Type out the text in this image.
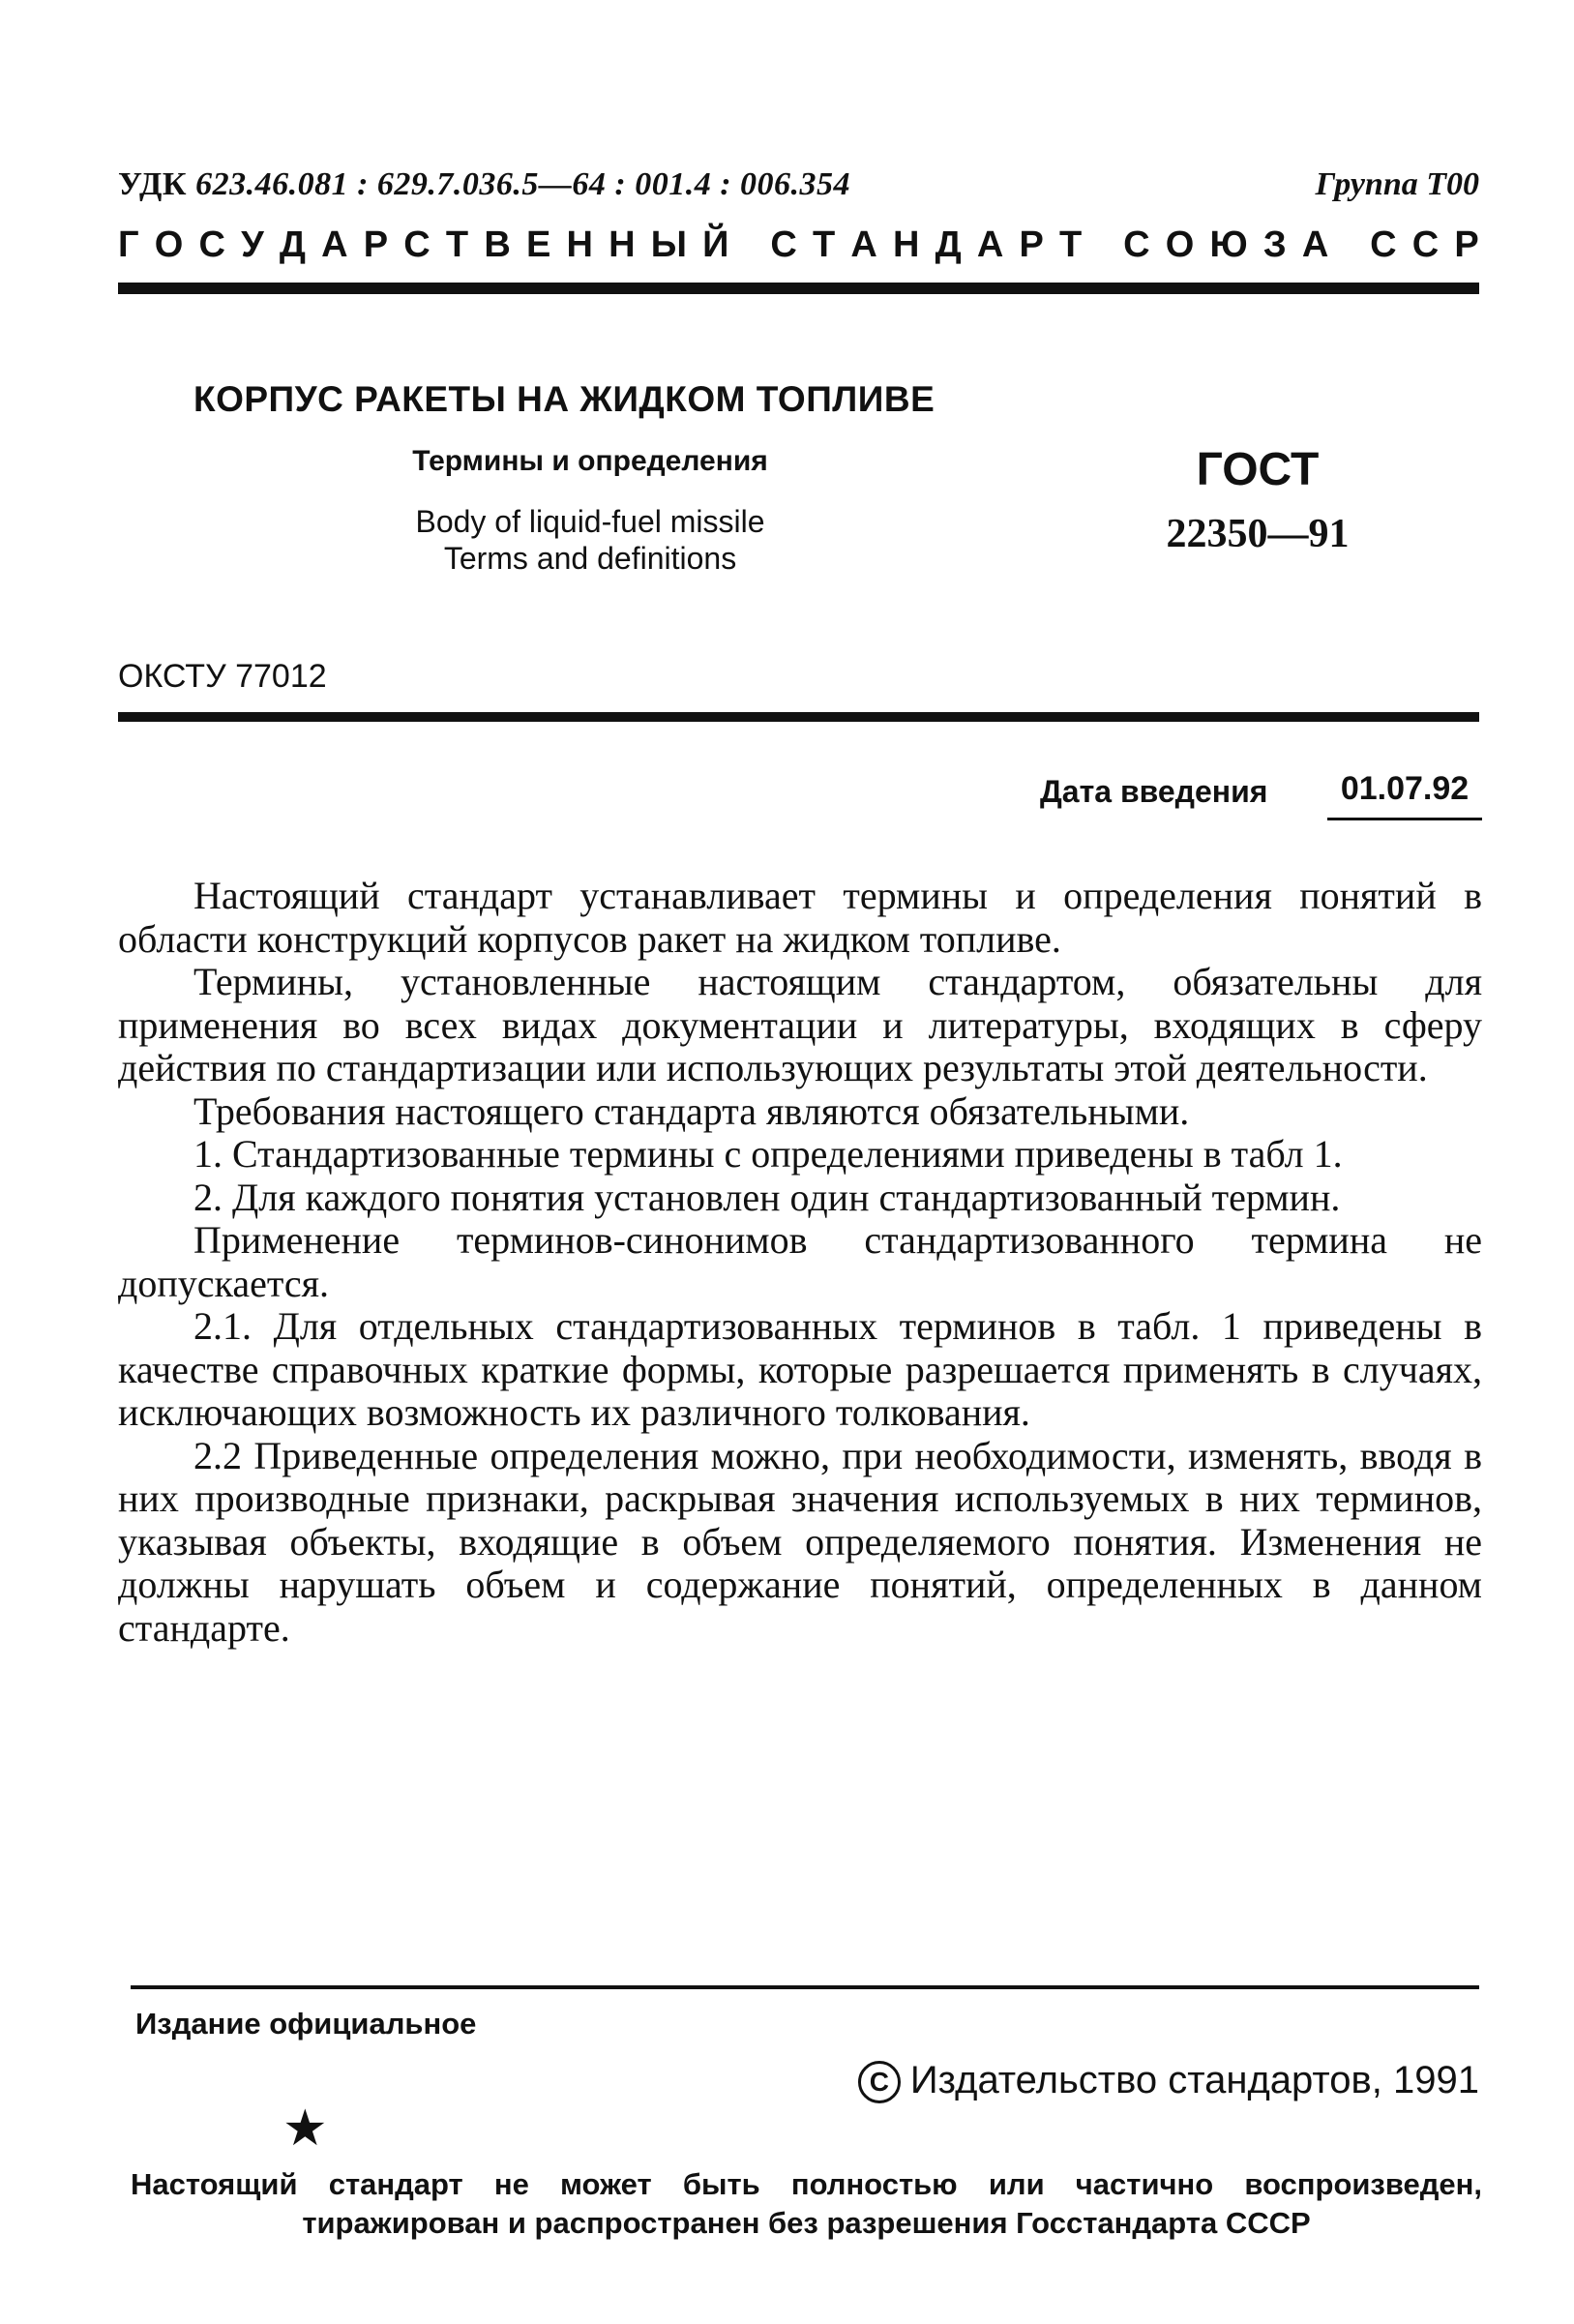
УДК 623.46.081 : 629.7.036.5—64 : 001.4 : 006.354	Группа Т00
Г О С У Д А Р С Т В Е Н Н Ы Й
С Т А Н Д А Р Т
С О Ю З А
С С Р
КОРПУС РАКЕТЫ НА ЖИДКОМ ТОПЛИВЕ
Термины и определения
Body of liquid-fuel missile
Terms and definitions
ГОСТ
22350—91
ОКСТУ 77012
Дата введения	01.07.92

Настоящий стандарт устанавливает термины и определения понятий в области конструкций корпусов ракет на жидком топливе.

Термины, установленные настоящим стандартом, обязательны для применения во всех видах документации и литературы, входящих в сферу действия по стандартизации или использующих результаты этой деятельности.

Требования настоящего стандарта являются обязательными.

1. Стандартизованные термины с определениями приведены в табл 1.

2. Для каждого понятия установлен один стандартизованный термин.

Применение терминов-синонимов стандартизованного термина не допускается.

2.1. Для отдельных стандартизованных терминов в табл. 1 приведены в качестве справочных краткие формы, которые разрешается применять в случаях, исключающих возможность их различного толкования.

2.2 Приведенные определения можно, при необходимости, изменять, вводя в них производные признаки, раскрывая значения используемых в них терминов, указывая объекты, входящие в объем определяемого понятия. Изменения не должны нарушать объем и содержание понятий, определенных в данном стандарте.

Издание официальное
С Издательство стандартов, 1991
★
Настоящий стандарт не может быть полностью или частично воспроизведен,
тиражирован и распространен без разрешения Госстандарта СССР
